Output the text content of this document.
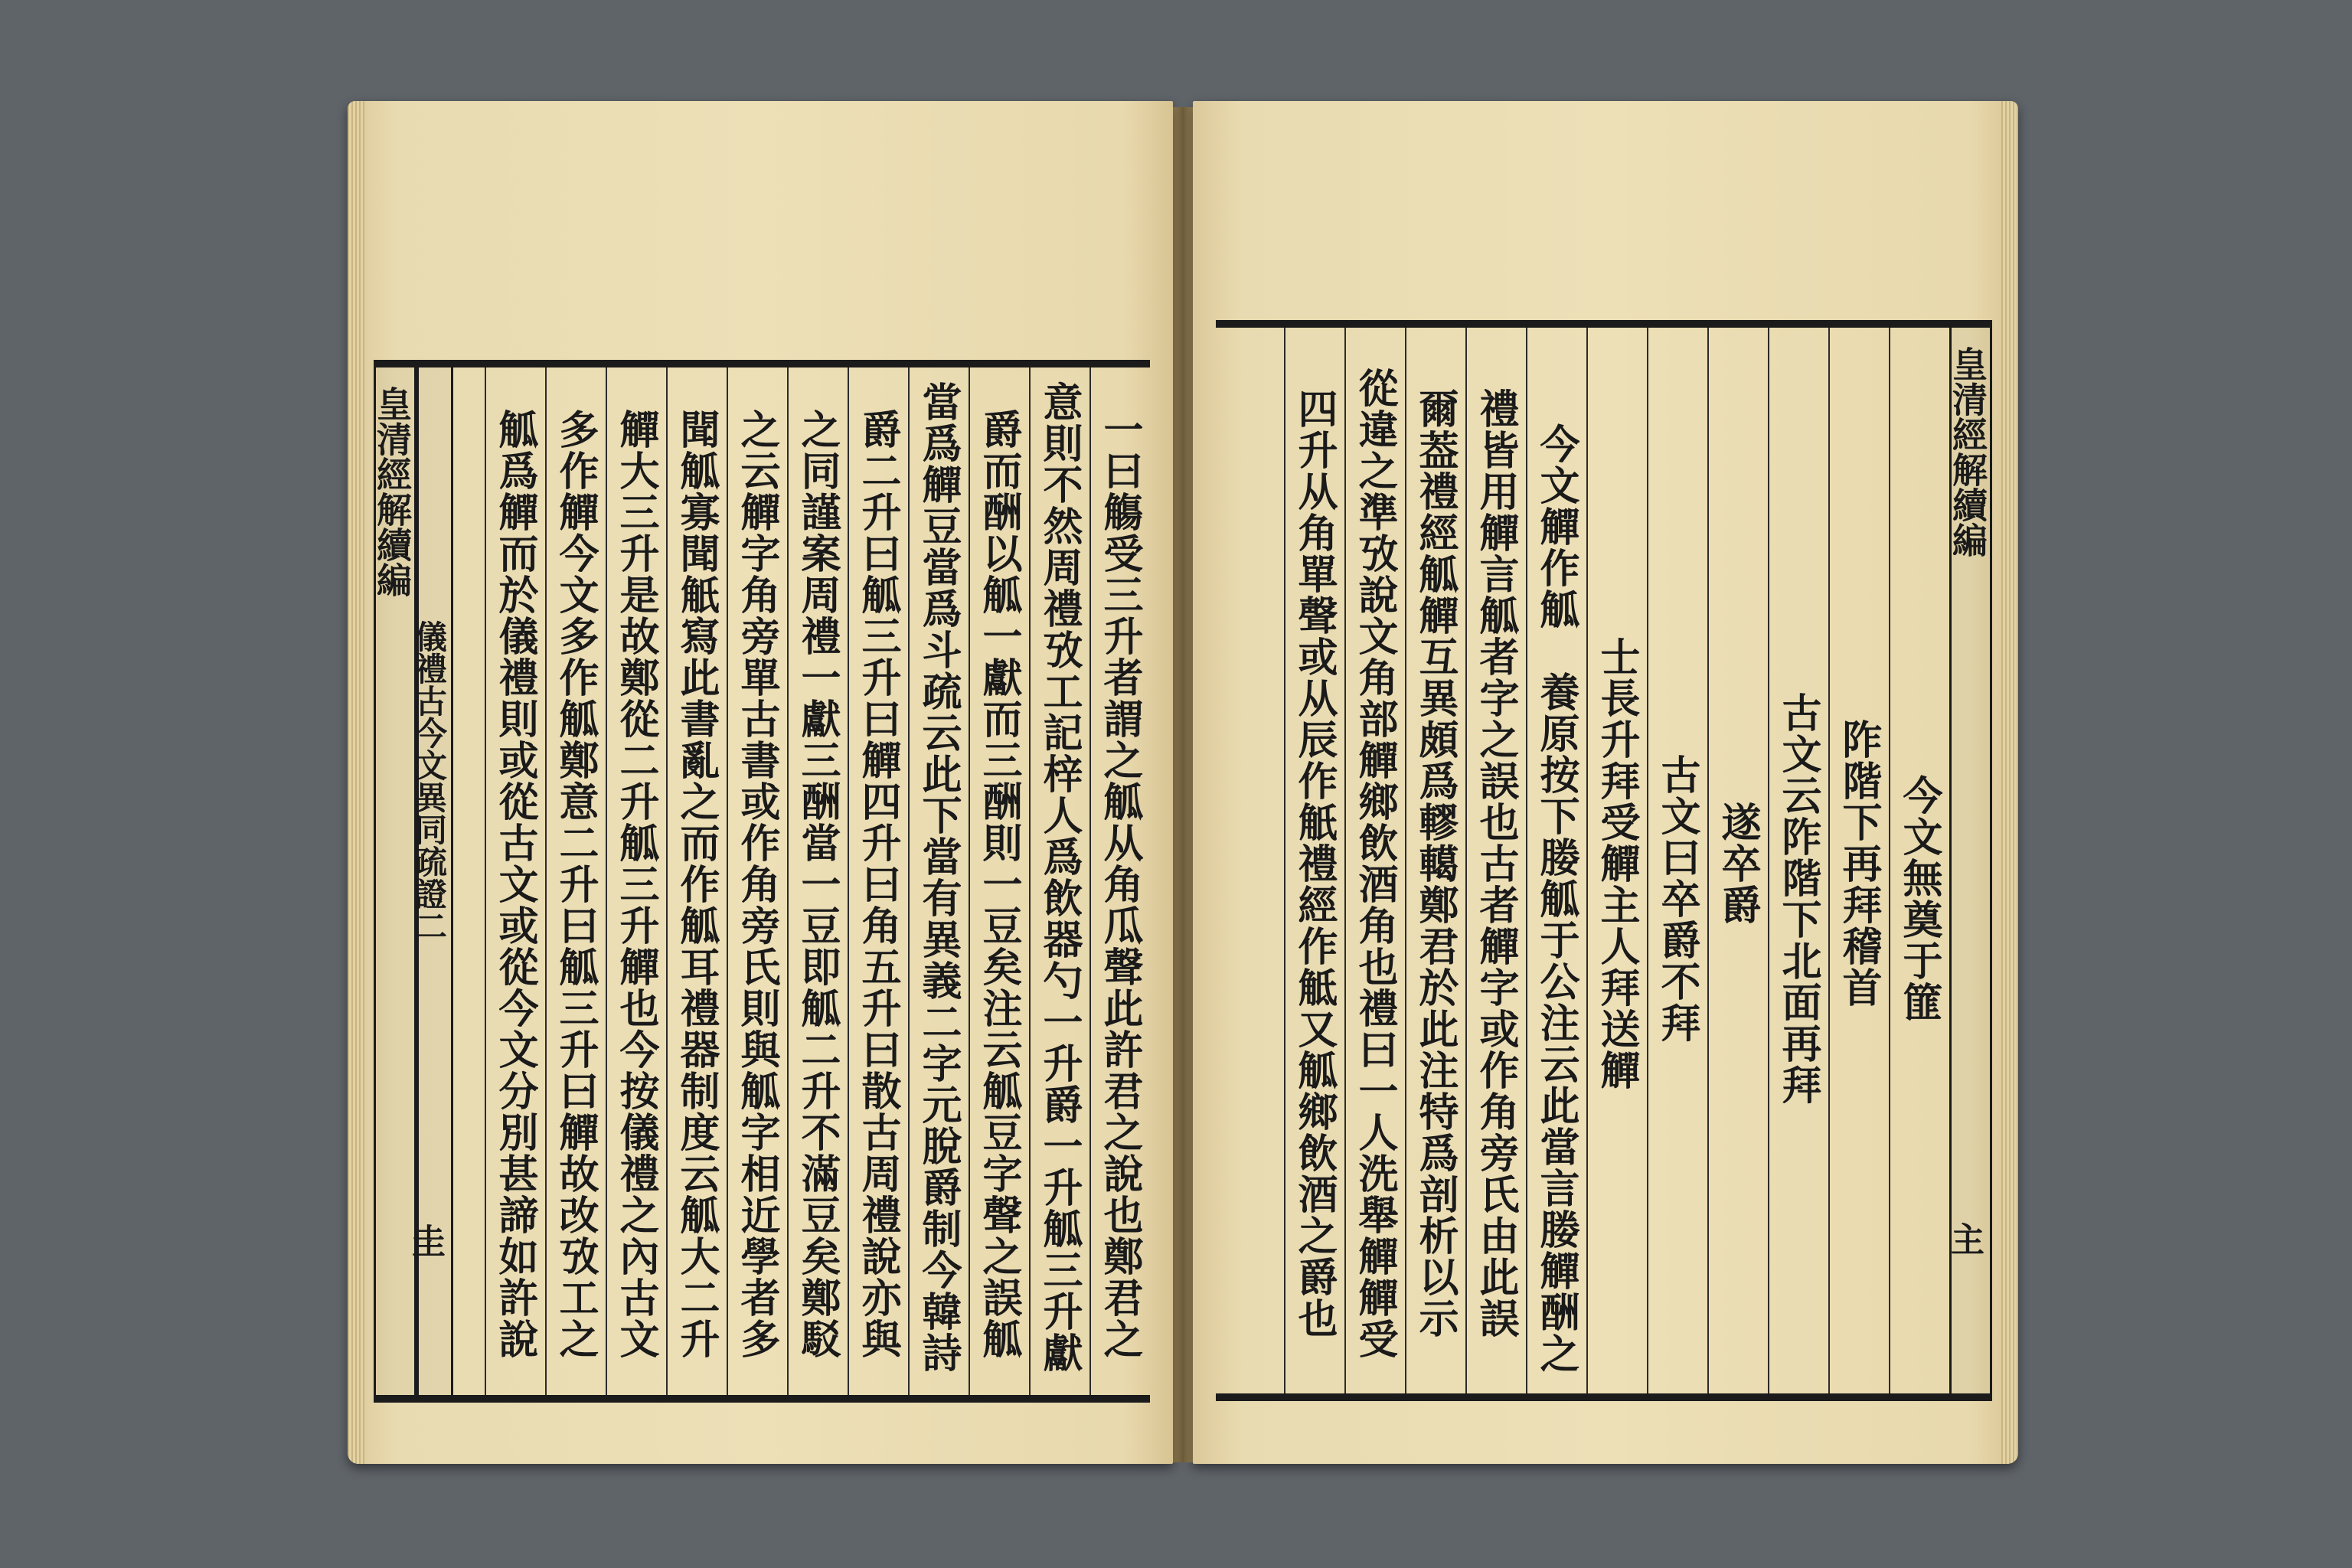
皇清經解續編
儀禮古今文異同疏證二
圭	一曰觴受三升者謂之觚从角瓜聲此許君之說也鄭君之
意則不然周禮攷工記梓人爲飲器勺一升爵一升觚三升獻
爵而酬以觚一獻而三酬則一豆矣注云觚豆字聲之誤觚
當爲觶豆當爲斗疏云此下當有異義二字元脫爵制今韓詩
爵二升曰觚三升曰觶四升曰角五升曰散古周禮說亦與
之同謹案周禮一獻三酬當一豆即觚二升不滿豆矣鄭駁
之云觶字角旁單古書或作角旁氏則與觚字相近學者多
聞觚寡聞觗寫此書亂之而作觚耳禮器制度云觚大二升
觶大三升是故鄭從二升觚三升觶也今按儀禮之內古文
多作觶今文多作觚鄭意二升曰觚三升曰觶故改攷工之
觚爲觶而於儀禮則或從古文或從今文分別甚諦如許說	皇清經解續編
主
今文無奠于篚
阼階下再拜稽首
古文云阼階下北面再拜
遂卒爵
古文曰卒爵不拜
士長升拜受觶主人拜送觶
今文觶作觚　養原按下媵觚于公注云此當言媵觶酬之
禮皆用觶言觚者字之誤也古者觶字或作角旁氏由此誤
爾葢禮經觚觶互異頗爲轇轕鄭君於此注特爲剖析以示
從違之準攷說文角部觶鄉飲酒角也禮曰一人洗舉觶觶受
四升从角單聲或从辰作觗禮經作觝又觚鄉飲酒之爵也
